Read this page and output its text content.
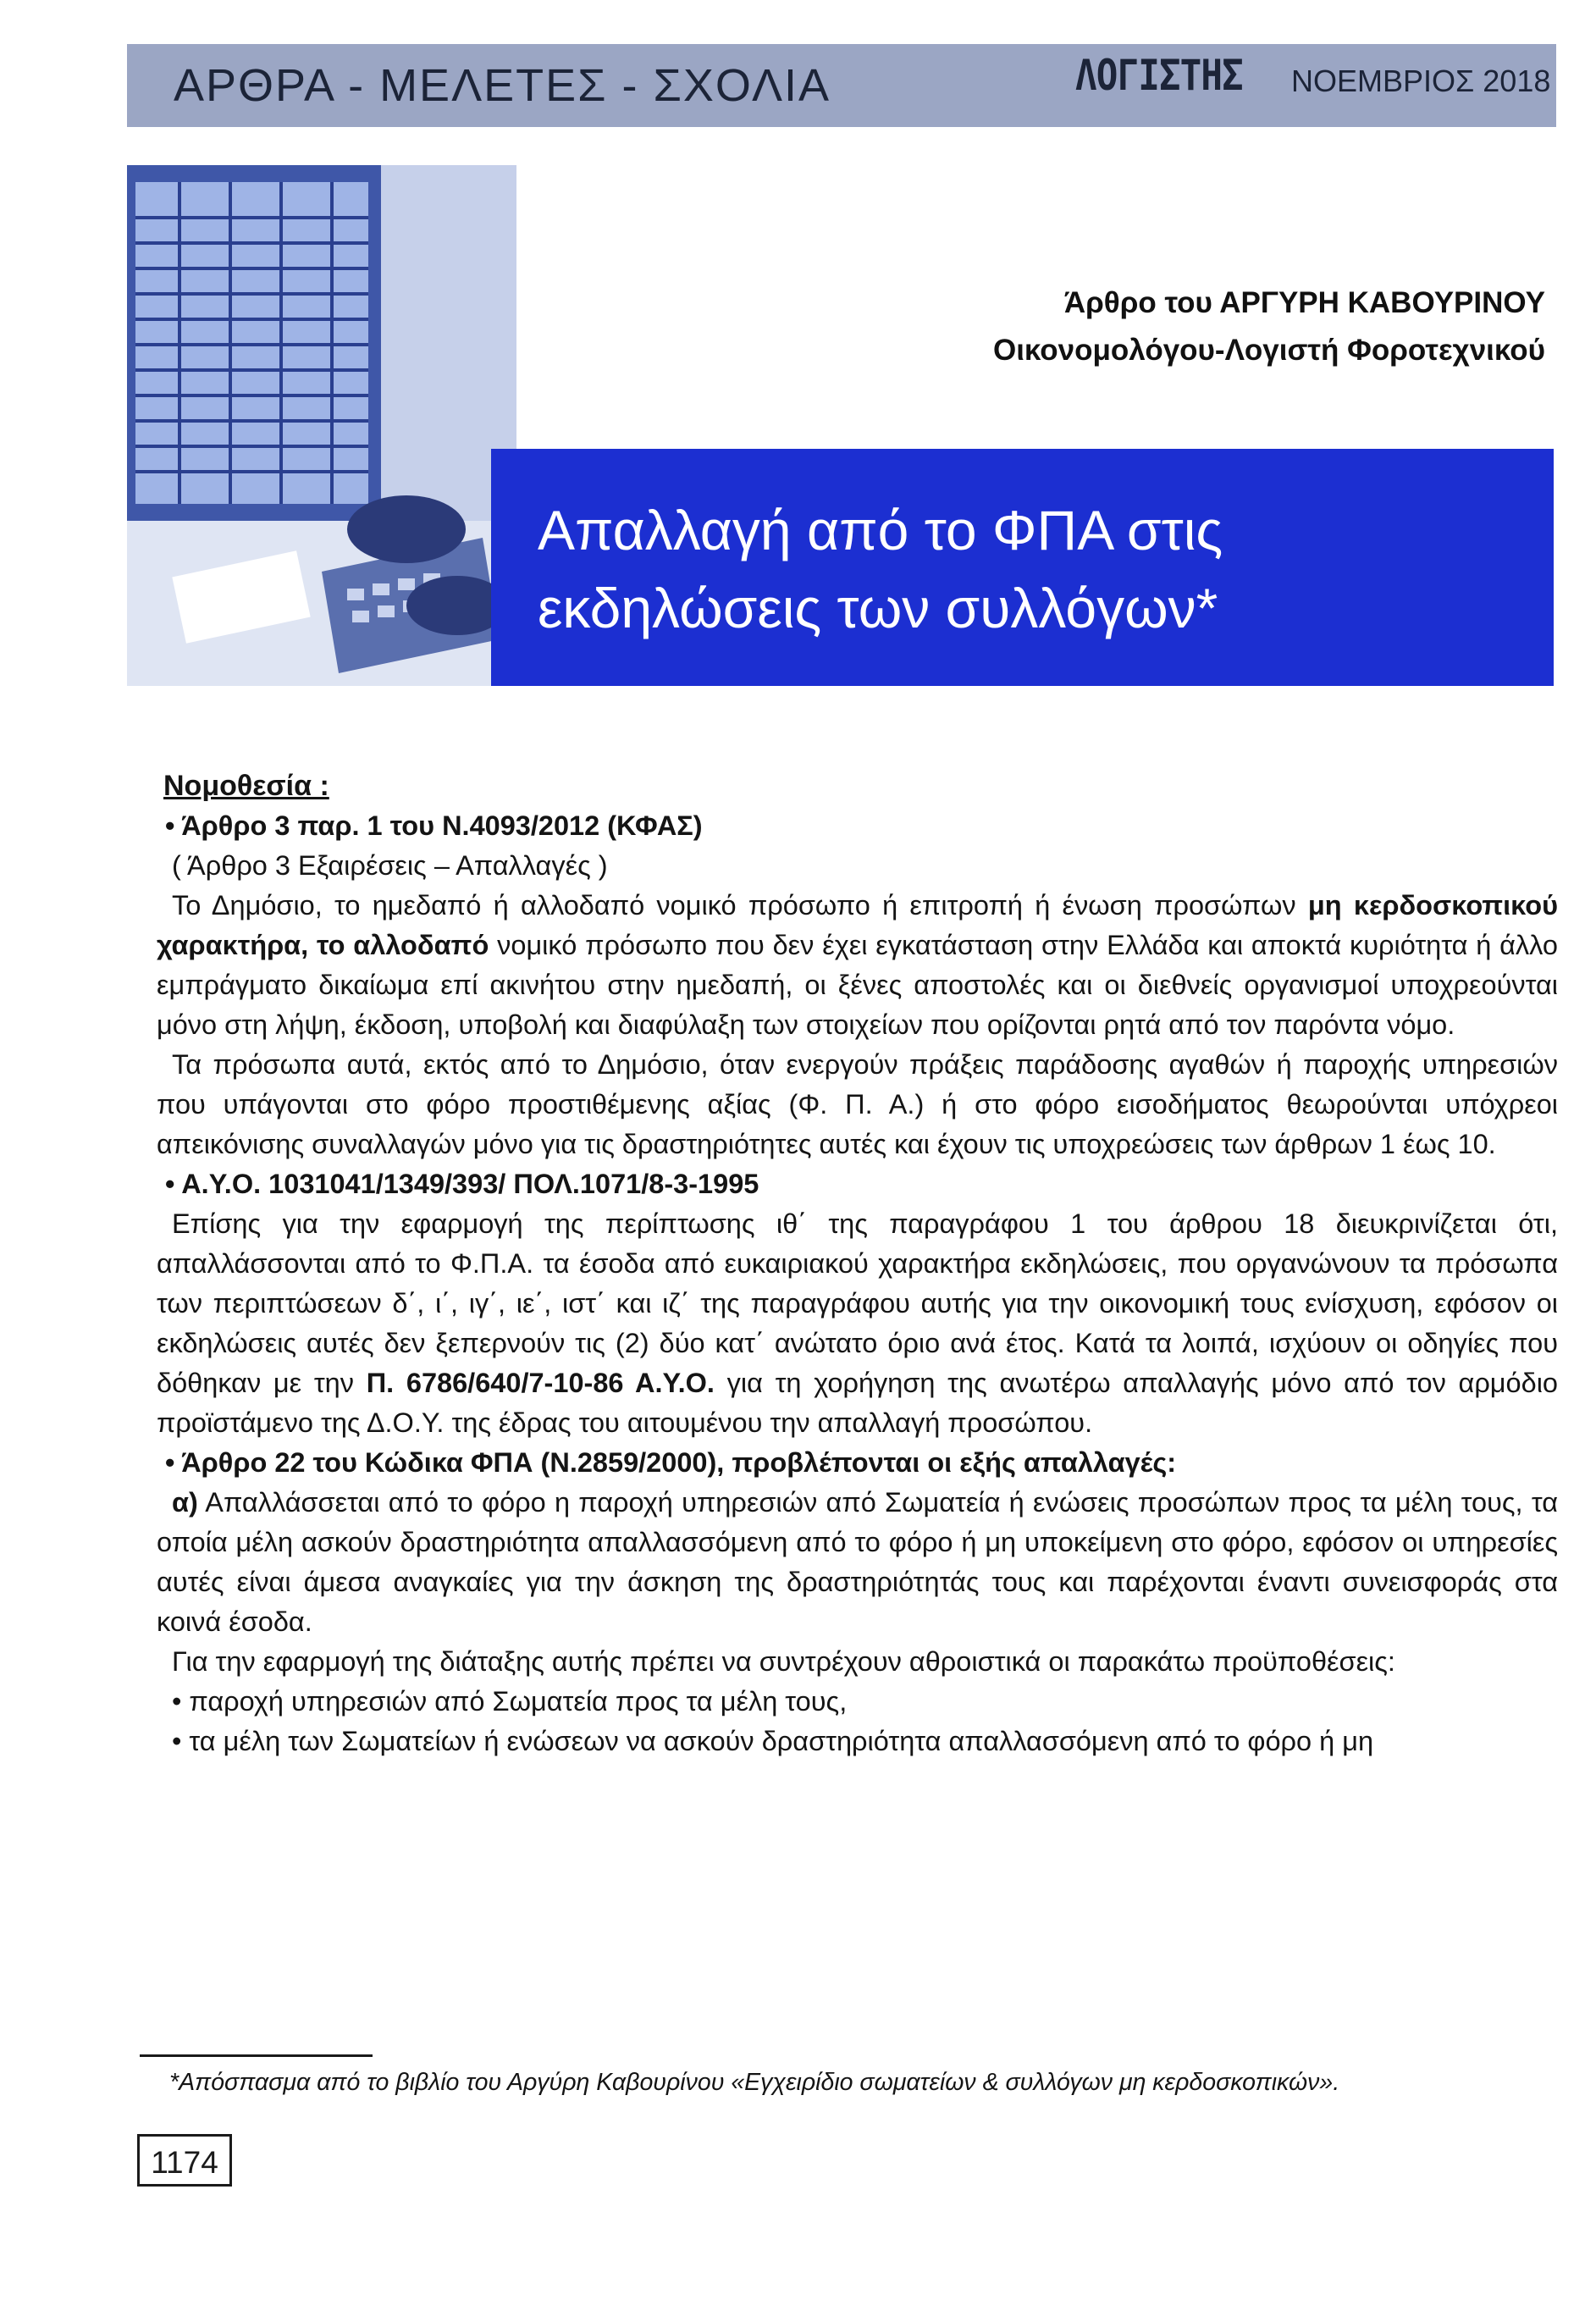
ΑΡΘΡΑ - ΜΕΛΕΤΕΣ - ΣΧΟΛΙΑ	ΛΟΓΙΣΤΗΣ ΝΟΕΜΒΡΙΟΣ 2018
Άρθρο του ΑΡΓΥΡΗ ΚΑΒΟΥΡΙΝΟΥ
Οικονομολόγου-Λογιστή Φοροτεχνικού
Απαλλαγή από το ΦΠΑ στις
εκδηλώσεις των συλλόγων*

Νομοθεσία :

• Άρθρο 3 παρ. 1 του Ν.4093/2012 (ΚΦΑΣ)

( Άρθρο 3 Εξαιρέσεις – Απαλλαγές )

Το Δημόσιο, το ημεδαπό ή αλλοδαπό νομικό πρόσωπο ή επιτροπή ή ένωση προσώπων μη κερδοσκοπικού χαρακτήρα, το αλλοδαπό νομικό πρόσωπο που δεν έχει εγκατάσταση στην Ελλάδα και αποκτά κυριότητα ή άλλο εμπράγματο δικαίωμα επί ακινήτου στην ημεδαπή, οι ξένες αποστολές και οι διεθνείς οργανισμοί υποχρεούνται μόνο στη λήψη, έκδοση, υποβολή και διαφύλαξη των στοιχείων που ορίζονται ρητά από τον παρόντα νόμο.

Τα πρόσωπα αυτά, εκτός από το Δημόσιο, όταν ενεργούν πράξεις παράδοσης αγαθών ή παροχής υπηρεσιών που υπάγονται στο φόρο προστιθέμενης αξίας (Φ. Π. Α.) ή στο φόρο εισοδήματος θεωρούνται υπόχρεοι απεικόνισης συναλλαγών μόνο για τις δραστηριότητες αυτές και έχουν τις υποχρεώσεις των άρθρων 1 έως 10.

• Α.Υ.Ο. 1031041/1349/393/ ΠΟΛ.1071/8-3-1995

Επίσης για την εφαρμογή της περίπτωσης ιθ΄ της παραγράφου 1 του άρθρου 18 διευκρινίζεται ότι, απαλλάσσονται από το Φ.Π.Α. τα έσοδα από ευκαιριακού χαρακτήρα εκδηλώσεις, που οργανώνουν τα πρόσωπα των περιπτώσεων δ΄, ι΄, ιγ΄, ιε΄, ιστ΄ και ιζ΄ της παραγράφου αυτής για την οικονομική τους ενίσχυση, εφόσον οι εκδηλώσεις αυτές δεν ξεπερνούν τις (2) δύο κατ΄ ανώτατο όριο ανά έτος. Κατά τα λοιπά, ισχύουν οι οδηγίες που δόθηκαν με την Π. 6786/640/7-10-86 Α.Υ.Ο. για τη χορήγηση της ανωτέρω απαλλαγής μόνο από τον αρμόδιο προϊστάμενο της Δ.Ο.Υ. της έδρας του αιτουμένου την απαλλαγή προσώπου.

• Άρθρο 22 του Κώδικα ΦΠΑ (Ν.2859/2000), προβλέπονται οι εξής απαλλαγές:

α) Απαλλάσσεται από το φόρο η παροχή υπηρεσιών από Σωματεία ή ενώσεις προσώπων προς τα μέλη τους, τα οποία μέλη ασκούν δραστηριότητα απαλλασσόμενη από το φόρο ή μη υποκείμενη στο φόρο, εφόσον οι υπηρεσίες αυτές είναι άμεσα αναγκαίες για την άσκηση της δραστηριότητάς τους και παρέχονται έναντι συνεισφοράς στα κοινά έσοδα.

Για την εφαρμογή της διάταξης αυτής πρέπει να συντρέχουν αθροιστικά οι παρακάτω προϋποθέσεις:

• παροχή υπηρεσιών από Σωματεία προς τα μέλη τους,

• τα μέλη των Σωματείων ή ενώσεων να ασκούν δραστηριότητα απαλλασσόμενη από το φόρο ή μη

*Απόσπασμα από το βιβλίο του Αργύρη Καβουρίνου «Εγχειρίδιο σωματείων & συλλόγων μη κερδοσκοπικών».
1174
